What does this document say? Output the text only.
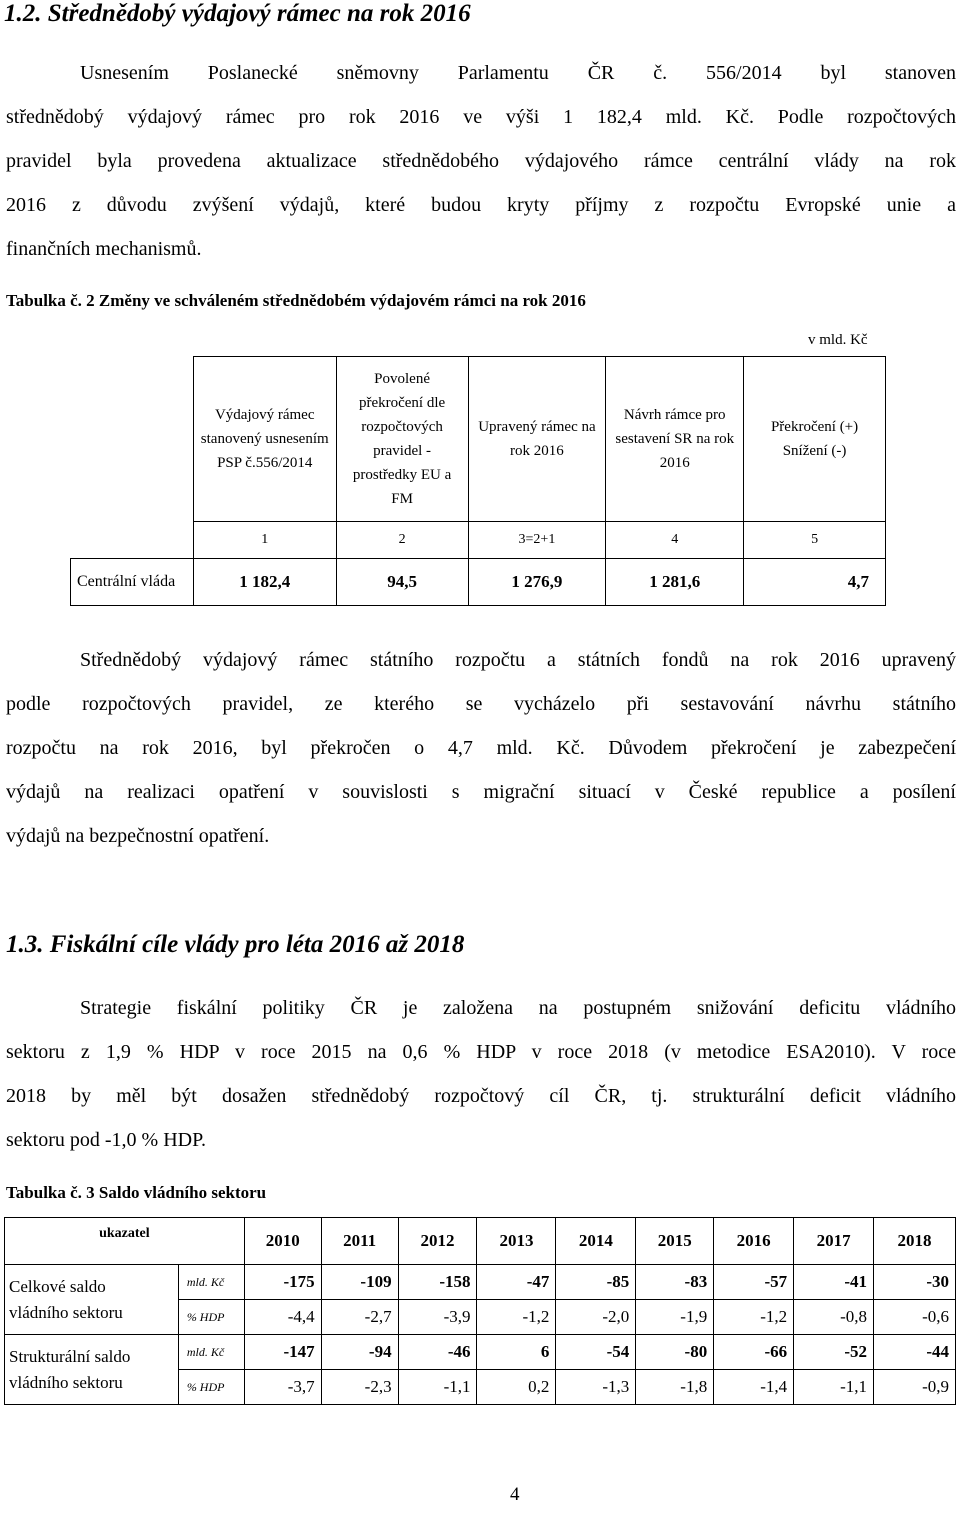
1.2. Střednědobý výdajový rámec na rok 2016
Usnesením Poslanecké sněmovny Parlamentu ČR č. 556/2014 byl stanoven
střednědobý výdajový rámec pro rok 2016 ve výši 1 182,4 mld. Kč. Podle rozpočtových
pravidel byla provedena aktualizace střednědobého výdajového rámce centrální vlády na rok
2016 z důvodu zvýšení výdajů, které budou kryty příjmy z rozpočtu Evropské unie a
finančních mechanismů.
Tabulka č. 2 Změny ve schváleném střednědobém výdajovém rámci na rok 2016
v mld. Kč
	Výdajový rámec stanovený usnesením PSP č.556/2014	Povolené překročení dle rozpočtových pravidel - prostředky EU a FM	Upravený rámec na rok 2016	Návrh rámce pro sestavení SR na rok 2016	Překročení (+) Snížení (-)
	1	2	3=2+1	4	5
Centrální vláda	1 182,4	94,5	1 276,9	1 281,6	4,7
Střednědobý výdajový rámec státního rozpočtu a státních fondů na rok 2016 upravený
podle rozpočtových pravidel, ze kterého se vycházelo při sestavování návrhu státního
rozpočtu na rok 2016, byl překročen o 4,7 mld. Kč. Důvodem překročení je zabezpečení
výdajů na realizaci opatření v souvislosti s migrační situací v České republice a posílení
výdajů na bezpečnostní opatření.
1.3. Fiskální cíle vlády pro léta 2016 až 2018
Strategie fiskální politiky ČR je založena na postupném snižování deficitu vládního
sektoru z 1,9 % HDP v roce 2015 na 0,6 % HDP v roce 2018 (v metodice ESA2010). V roce
2018 by měl být dosažen střednědobý rozpočtový cíl ČR, tj. strukturální deficit vládního
sektoru pod -1,0 % HDP.
Tabulka č. 3 Saldo vládního sektoru
ukazatel		2010	2011	2012	2013	2014	2015	2016	2017	2018

Celkové saldo
vládního sektoru	mld. Kč	-175	-109	-158	-47	-85	-83	-57	-41	-30
	% HDP	-4,4	-2,7	-3,9	-1,2	-2,0	-1,9	-1,2	-0,8	-0,6

Strukturální saldo
vládního sektoru	mld. Kč	-147	-94	-46	6	-54	-80	-66	-52	-44
	% HDP	-3,7	-2,3	-1,1	0,2	-1,3	-1,8	-1,4	-1,1	-0,9
4
